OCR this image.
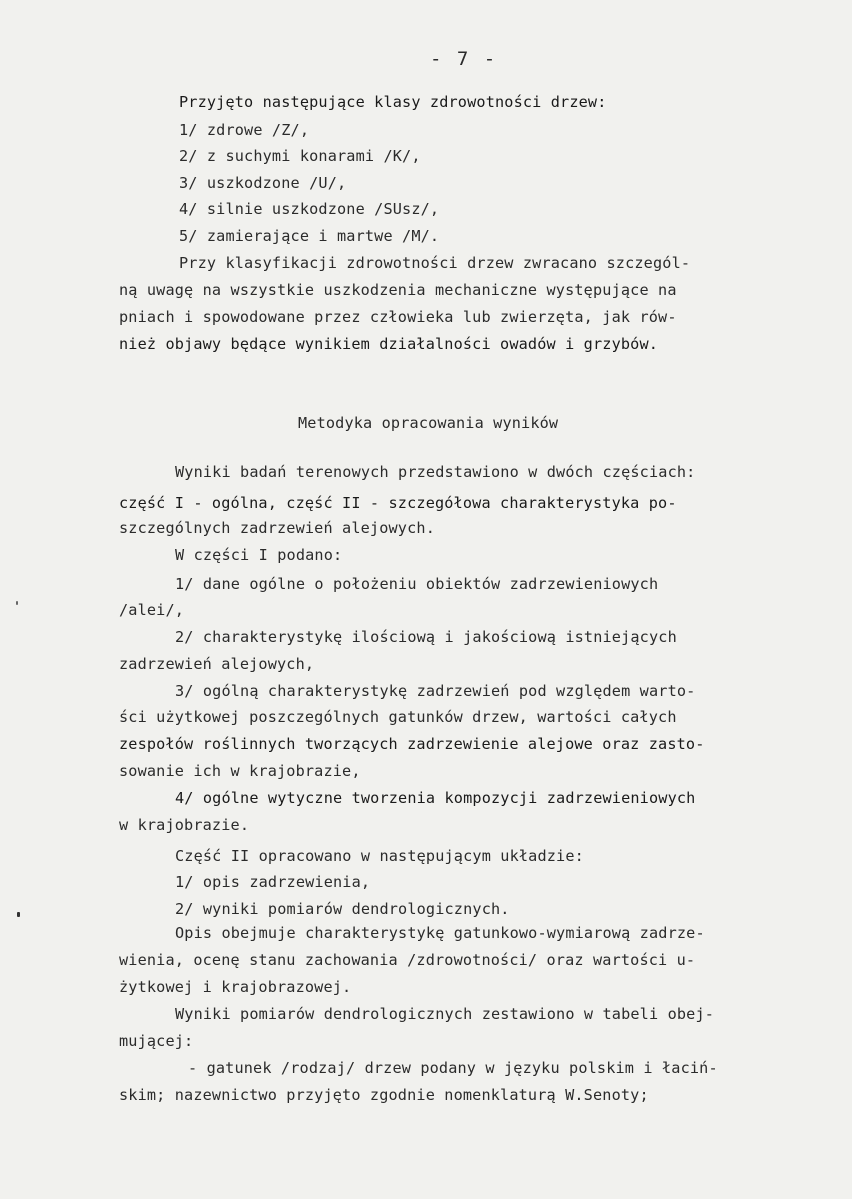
- 7 -
Przyjęto następujące klasy zdrowotności drzew:
1/ zdrowe /Z/,
2/ z suchymi konarami /K/,
3/ uszkodzone /U/,
4/ silnie uszkodzone /SUsz/,
5/ zamierające i martwe /M/.
Przy klasyfikacji zdrowotności drzew zwracano szczegól-
ną uwagę na wszystkie uszkodzenia mechaniczne występujące na
pniach i spowodowane przez człowieka lub zwierzęta, jak rów-
nież objawy będące wynikiem działalności owadów i grzybów.
Metodyka opracowania wyników
Wyniki badań terenowych przedstawiono w dwóch częściach:
część I - ogólna, część II - szczegółowa charakterystyka po-
szczególnych zadrzewień alejowych.
W części I podano:
1/ dane ogólne o położeniu obiektów zadrzewieniowych
/alei/,
2/ charakterystykę ilościową i jakościową istniejących
zadrzewień alejowych,
3/ ogólną charakterystykę zadrzewień pod względem warto-
ści użytkowej poszczególnych gatunków drzew, wartości całych
zespołów roślinnych tworzących zadrzewienie alejowe oraz zasto-
sowanie ich w krajobrazie,
4/ ogólne wytyczne tworzenia kompozycji zadrzewieniowych
w krajobrazie.
Część II opracowano w następującym układzie:
1/ opis zadrzewienia,
2/ wyniki pomiarów dendrologicznych.
Opis obejmuje charakterystykę gatunkowo-wymiarową zadrze-
wienia, ocenę stanu zachowania /zdrowotności/ oraz wartości u-
żytkowej i krajobrazowej.
Wyniki pomiarów dendrologicznych zestawiono w tabeli obej-
mującej:
- gatunek /rodzaj/ drzew podany w języku polskim i łaciń-
skim; nazewnictwo przyjęto zgodnie nomenklaturą W.Senoty;
